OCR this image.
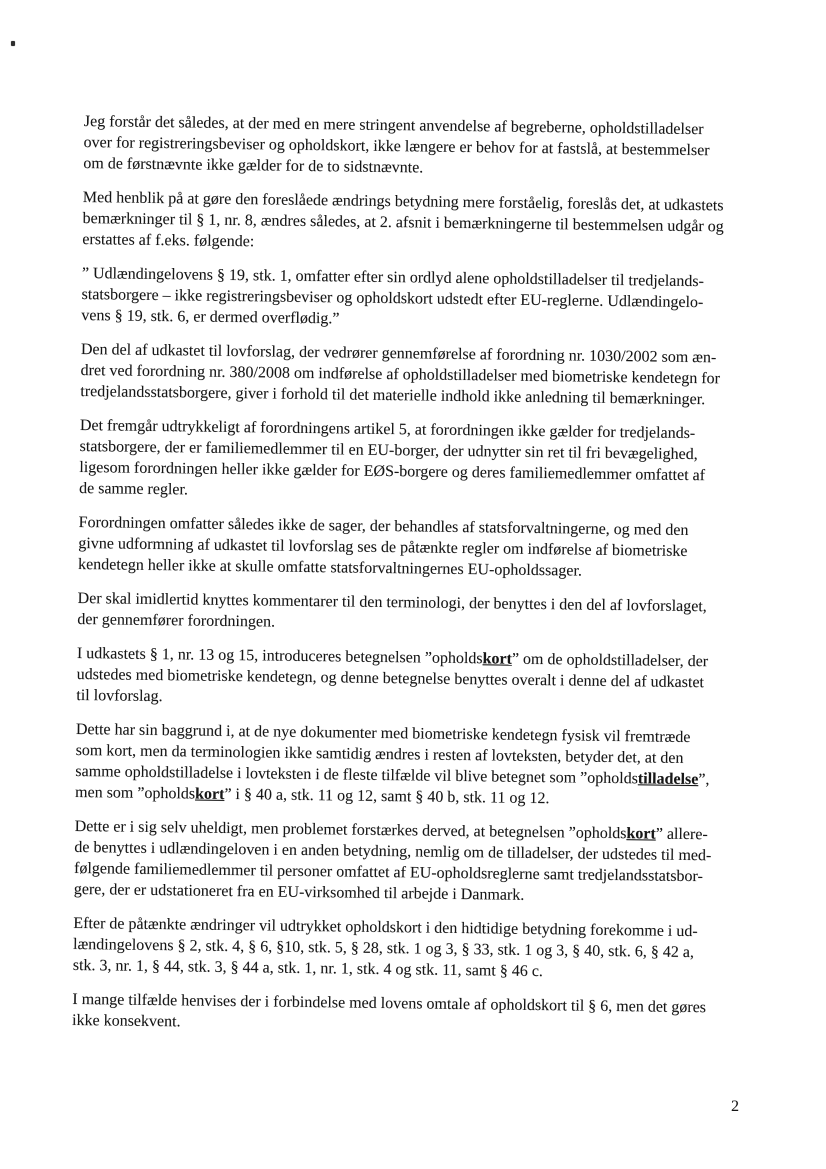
Jeg forstår det således, at der med en mere stringent anvendelse af begreberne, opholdstilladelser
over for registreringsbeviser og opholdskort, ikke længere er behov for at fastslå, at bestemmelser
om de førstnævnte ikke gælder for de to sidstnævnte.

Med henblik på at gøre den foreslåede ændrings betydning mere forståelig, foreslås det, at udkastets
bemærkninger til § 1, nr. 8, ændres således, at 2. afsnit i bemærkningerne til bestemmelsen udgår og
erstattes af f.eks. følgende:

” Udlændingelovens § 19, stk. 1, omfatter efter sin ordlyd alene opholdstilladelser til tredjelands-
statsborgere – ikke registreringsbeviser og opholdskort udstedt efter EU-reglerne. Udlændingelo-
vens § 19, stk. 6, er dermed overflødig.”

Den del af udkastet til lovforslag, der vedrører gennemførelse af forordning nr. 1030/2002 som æn-
dret ved forordning nr. 380/2008 om indførelse af opholdstilladelser med biometriske kendetegn for
tredjelandsstatsborgere, giver i forhold til det materielle indhold ikke anledning til bemærkninger.

Det fremgår udtrykkeligt af forordningens artikel 5, at forordningen ikke gælder for tredjelands-
statsborgere, der er familiemedlemmer til en EU-borger, der udnytter sin ret til fri bevægelighed,
ligesom forordningen heller ikke gælder for EØS-borgere og deres familiemedlemmer omfattet af
de samme regler.

Forordningen omfatter således ikke de sager, der behandles af statsforvaltningerne, og med den
givne udformning af udkastet til lovforslag ses de påtænkte regler om indførelse af biometriske
kendetegn heller ikke at skulle omfatte statsforvaltningernes EU-opholdssager.

Der skal imidlertid knyttes kommentarer til den terminologi, der benyttes i den del af lovforslaget,
der gennemfører forordningen.

I udkastets § 1, nr. 13 og 15, introduceres betegnelsen ”opholdskort” om de opholdstilladelser, der
udstedes med biometriske kendetegn, og denne betegnelse benyttes overalt i denne del af udkastet
til lovforslag.

Dette har sin baggrund i, at de nye dokumenter med biometriske kendetegn fysisk vil fremtræde
som kort, men da terminologien ikke samtidig ændres i resten af lovteksten, betyder det, at den
samme opholdstilladelse i lovteksten i de fleste tilfælde vil blive betegnet som ”opholdstilladelse”,
men som ”opholdskort” i § 40 a, stk. 11 og 12, samt § 40 b, stk. 11 og 12.

Dette er i sig selv uheldigt, men problemet forstærkes derved, at betegnelsen ”opholdskort” allere-
de benyttes i udlændingeloven i en anden betydning, nemlig om de tilladelser, der udstedes til med-
følgende familiemedlemmer til personer omfattet af EU-opholdsreglerne samt tredjelandsstatsbor-
gere, der er udstationeret fra en EU-virksomhed til arbejde i Danmark.

Efter de påtænkte ændringer vil udtrykket opholdskort i den hidtidige betydning forekomme i ud-
lændingelovens § 2, stk. 4, § 6, §10, stk. 5, § 28, stk. 1 og 3, § 33, stk. 1 og 3, § 40, stk. 6, § 42 a,
stk. 3, nr. 1, § 44, stk. 3, § 44 a, stk. 1, nr. 1, stk. 4 og stk. 11, samt § 46 c.

I mange tilfælde henvises der i forbindelse med lovens omtale af opholdskort til § 6, men det gøres
ikke konsekvent.

2
